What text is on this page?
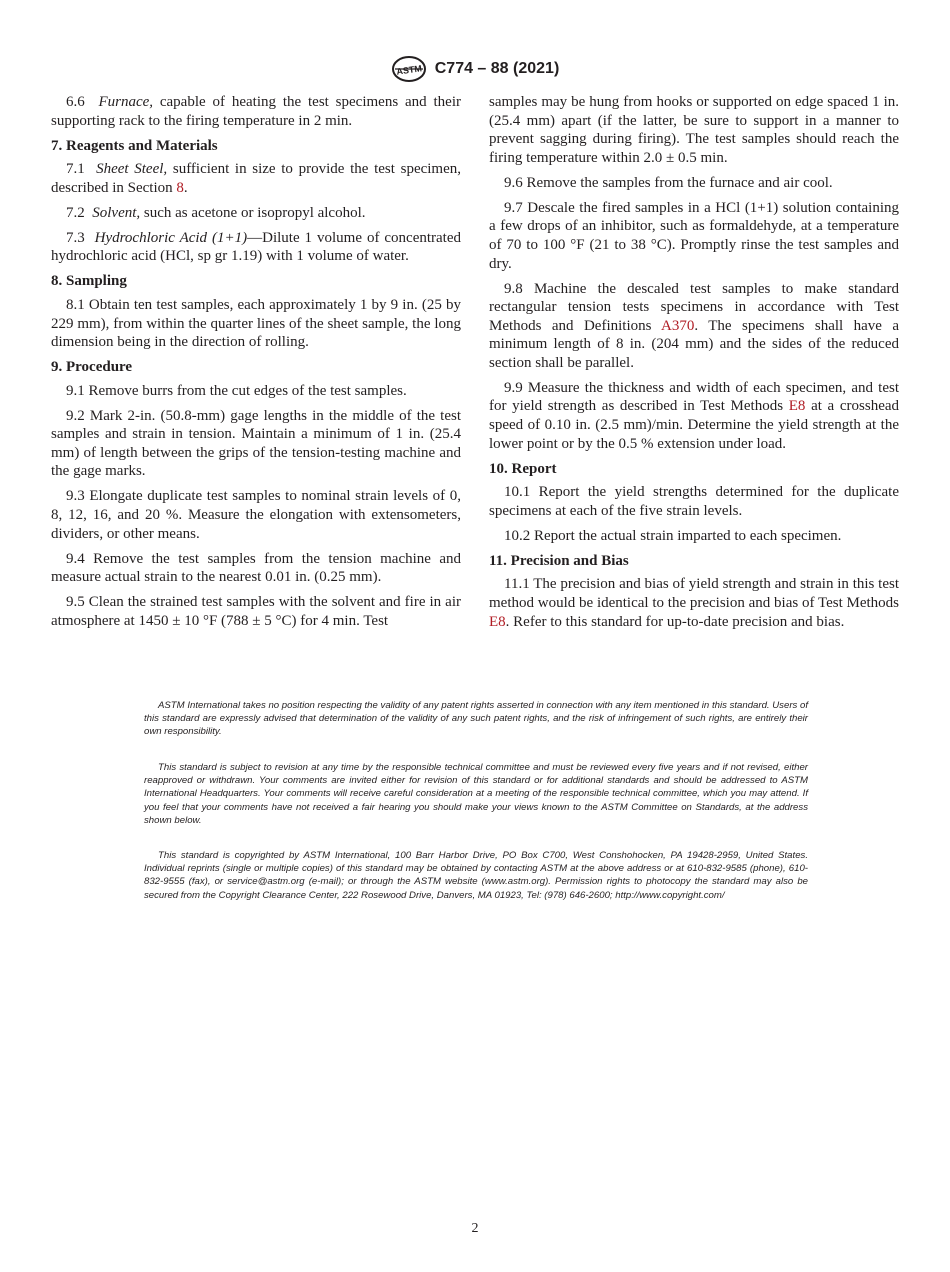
ASTM C774 – 88 (2021)

6.6 Furnace, capable of heating the test specimens and their supporting rack to the firing temperature in 2 min.

7. Reagents and Materials

7.1 Sheet Steel, sufficient in size to provide the test specimen, described in Section 8.

7.2 Solvent, such as acetone or isopropyl alcohol.

7.3 Hydrochloric Acid (1+1)—Dilute 1 volume of concentrated hydrochloric acid (HCl, sp gr 1.19) with 1 volume of water.

8. Sampling

8.1 Obtain ten test samples, each approximately 1 by 9 in. (25 by 229 mm), from within the quarter lines of the sheet sample, the long dimension being in the direction of rolling.

9. Procedure

9.1 Remove burrs from the cut edges of the test samples.

9.2 Mark 2-in. (50.8-mm) gage lengths in the middle of the test samples and strain in tension. Maintain a minimum of 1 in. (25.4 mm) of length between the grips of the tension-testing machine and the gage marks.

9.3 Elongate duplicate test samples to nominal strain levels of 0, 8, 12, 16, and 20 %. Measure the elongation with extensometers, dividers, or other means.

9.4 Remove the test samples from the tension machine and measure actual strain to the nearest 0.01 in. (0.25 mm).

9.5 Clean the strained test samples with the solvent and fire in air atmosphere at 1450 ± 10 °F (788 ± 5 °C) for 4 min. Test

samples may be hung from hooks or supported on edge spaced 1 in. (25.4 mm) apart (if the latter, be sure to support in a manner to prevent sagging during firing). The test samples should reach the firing temperature within 2.0 ± 0.5 min.

9.6 Remove the samples from the furnace and air cool.

9.7 Descale the fired samples in a HCl (1+1) solution containing a few drops of an inhibitor, such as formaldehyde, at a temperature of 70 to 100 °F (21 to 38 °C). Promptly rinse the test samples and dry.

9.8 Machine the descaled test samples to make standard rectangular tension tests specimens in accordance with Test Methods and Definitions A370. The specimens shall have a minimum length of 8 in. (204 mm) and the sides of the reduced section shall be parallel.

9.9 Measure the thickness and width of each specimen, and test for yield strength as described in Test Methods E8 at a crosshead speed of 0.10 in. (2.5 mm)/min. Determine the yield strength at the lower point or by the 0.5 % extension under load.

10. Report

10.1 Report the yield strengths determined for the duplicate specimens at each of the five strain levels.

10.2 Report the actual strain imparted to each specimen.

11. Precision and Bias

11.1 The precision and bias of yield strength and strain in this test method would be identical to the precision and bias of Test Methods E8. Refer to this standard for up-to-date precision and bias.

ASTM International takes no position respecting the validity of any patent rights asserted in connection with any item mentioned in this standard. Users of this standard are expressly advised that determination of the validity of any such patent rights, and the risk of infringement of such rights, are entirely their own responsibility.

This standard is subject to revision at any time by the responsible technical committee and must be reviewed every five years and if not revised, either reapproved or withdrawn. Your comments are invited either for revision of this standard or for additional standards and should be addressed to ASTM International Headquarters. Your comments will receive careful consideration at a meeting of the responsible technical committee, which you may attend. If you feel that your comments have not received a fair hearing you should make your views known to the ASTM Committee on Standards, at the address shown below.

This standard is copyrighted by ASTM International, 100 Barr Harbor Drive, PO Box C700, West Conshohocken, PA 19428-2959, United States. Individual reprints (single or multiple copies) of this standard may be obtained by contacting ASTM at the above address or at 610-832-9585 (phone), 610-832-9555 (fax), or service@astm.org (e-mail); or through the ASTM website (www.astm.org). Permission rights to photocopy the standard may also be secured from the Copyright Clearance Center, 222 Rosewood Drive, Danvers, MA 01923, Tel: (978) 646-2600; http://www.copyright.com/

2
